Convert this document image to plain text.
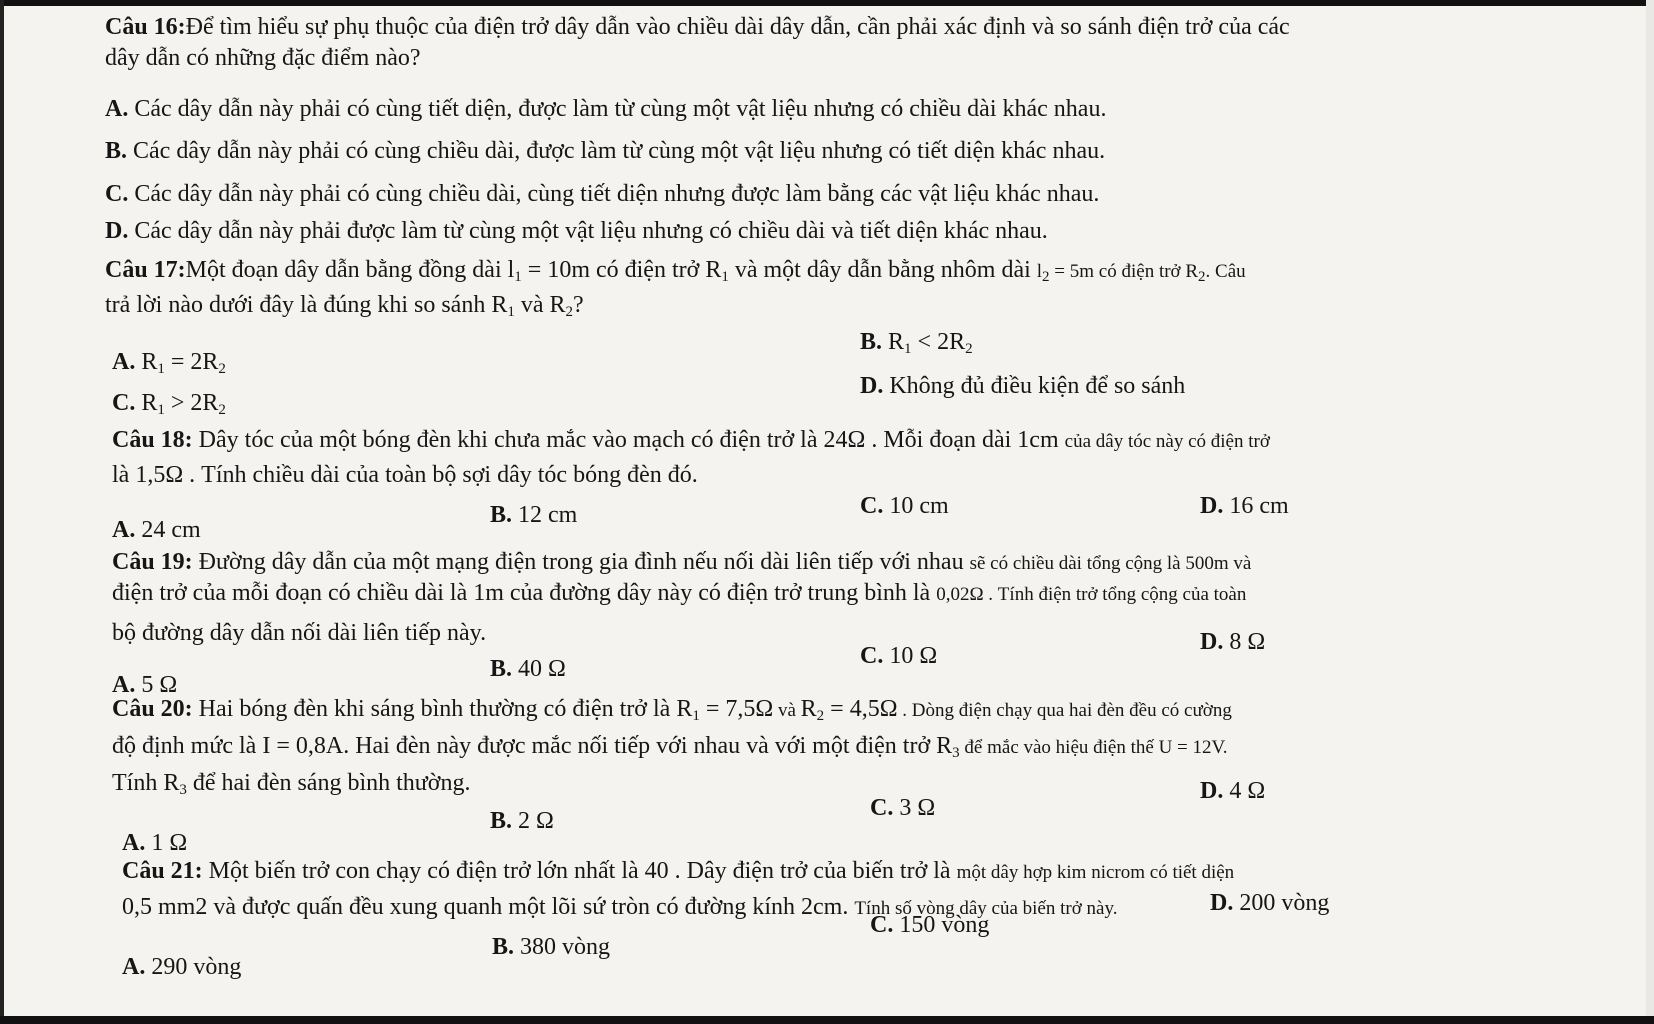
Câu 16:Để tìm hiểu sự phụ thuộc của điện trở dây dẫn vào chiều dài dây dẫn, cần phải xác định và so sánh điện trở của các
dây dẫn có những đặc điểm nào?
A. Các dây dẫn này phải có cùng tiết diện, được làm từ cùng một vật liệu nhưng có chiều dài khác nhau.
B. Các dây dẫn này phải có cùng chiều dài, được làm từ cùng một vật liệu nhưng có tiết diện khác nhau.
C. Các dây dẫn này phải có cùng chiều dài, cùng tiết diện nhưng được làm bằng các vật liệu khác nhau.
D. Các dây dẫn này phải được làm từ cùng một vật liệu nhưng có chiều dài và tiết diện khác nhau.
Câu 17:Một đoạn dây dẫn bằng đồng dài $l_1 = 10m$ có điện trở $R_1$ và một dây dẫn bằng nhôm dài $l_2 = 5m$ có điện trở $R_2$. Câu
trả lời nào dưới đây là đúng khi so sánh $R_1$ và $R_2$?
B. $R_1 < 2R_2$
A. $R_1 = 2R_2$
D. Không đủ điều kiện để so sánh
C. $R_1 > 2R_2$
Câu 18: Dây tóc của một bóng đèn khi chưa mắc vào mạch có điện trở là 24Ω . Mỗi đoạn dài 1cm của dây tóc này có điện trở
là 1,5Ω . Tính chiều dài của toàn bộ sợi dây tóc bóng đèn đó.
C. 10 cm	D. 16 cm
B. 12 cm
A. 24 cm
Câu 19: Đường dây dẫn của một mạng điện trong gia đình nếu nối dài liên tiếp với nhau sẽ có chiều dài tổng cộng là 500m và
điện trở của mỗi đoạn có chiều dài là 1m của đường dây này có điện trở trung bình là 0,02Ω . Tính điện trở tổng cộng của toàn
bộ đường dây dẫn nối dài liên tiếp này.	D. 8 Ω
C. 10 Ω
B. 40 Ω
A. 5 Ω
Câu 20: Hai bóng đèn khi sáng bình thường có điện trở là $R_1 = 7,5\Omega$ và $R_2 = 4,5\Omega$ . Dòng điện chạy qua hai đèn đều có cường
độ định mức là I = 0,8A. Hai đèn này được mắc nối tiếp với nhau và với một điện trở $R_3$ để mắc vào hiệu điện thế U = 12V.
Tính $R_3$ để hai đèn sáng bình thường.	D. 4 Ω
C. 3 Ω
B. 2 Ω
A. 1 Ω
Câu 21: Một biến trở con chạy có điện trở lớn nhất là 40 . Dây điện trở của biến trở là một dây hợp kim nicrom có tiết diện
0,5 mm2 và được quấn đều xung quanh một lõi sứ tròn có đường kính 2cm. Tính số vòng dây của biến trở này.	D. 200 vòng
C. 150 vòng
B. 380 vòng
A. 290 vòng
